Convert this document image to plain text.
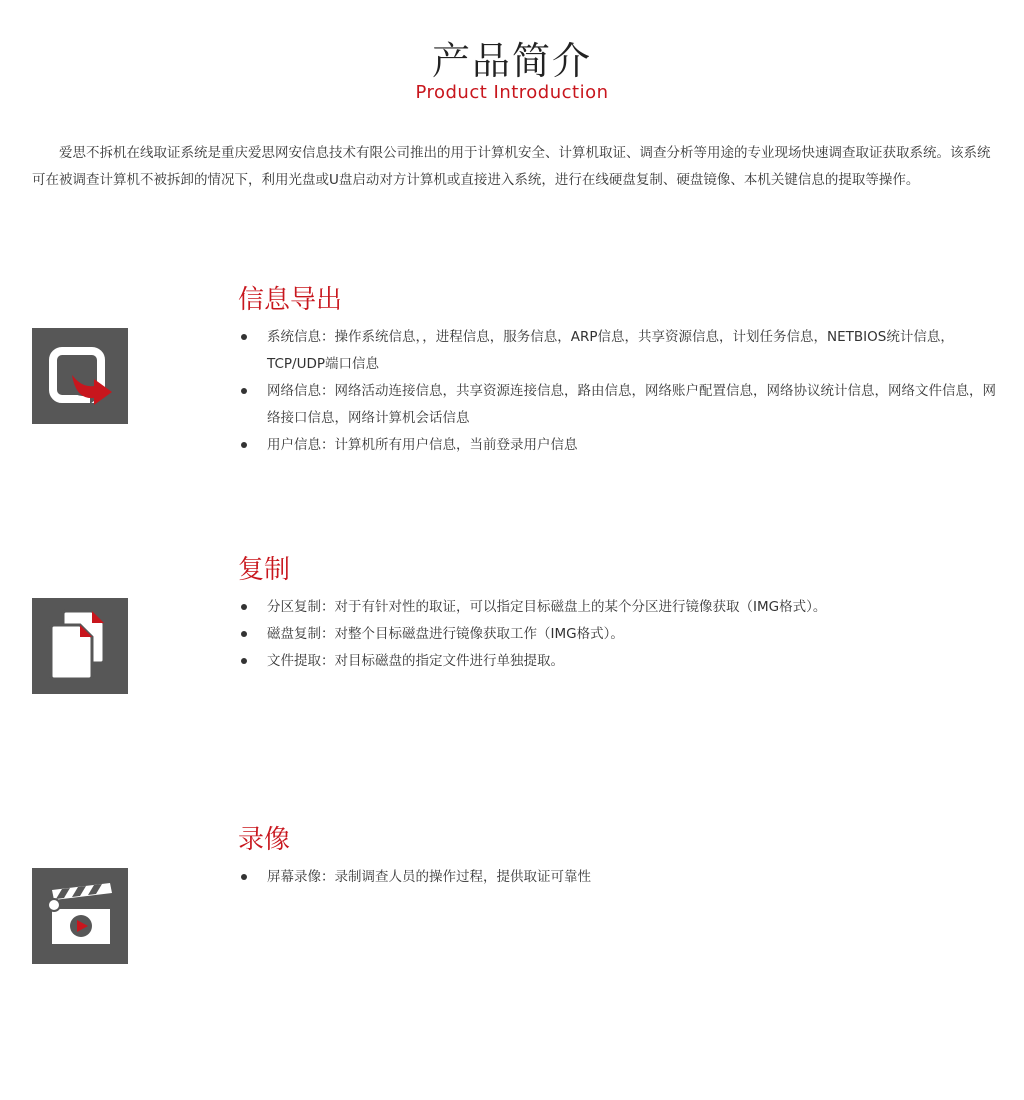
产品简介
Product Introduction

爱思不拆机在线取证系统是重庆爱思网安信息技术有限公司推出的用于计算机安全、计算机取证、调查分析等用途的专业现场快速调查取证获取系统。该系统可在被调查计算机不被拆卸的情况下，利用光盘或U盘启动对方计算机或直接进入系统，进行在线硬盘复制、硬盘镜像、本机关键信息的提取等操作。

信息导出
系统信息：操作系统信息，，进程信息，服务信息，ARP信息，共享资源信息，计划任务信息，NETBIOS统计信息，TCP/UDP端口信息
网络信息：网络活动连接信息，共享资源连接信息，路由信息，网络账户配置信息，网络协议统计信息，网络文件信息，网络接口信息，网络计算机会话信息
用户信息：计算机所有用户信息，当前登录用户信息
复制
分区复制：对于有针对性的取证，可以指定目标磁盘上的某个分区进行镜像获取（IMG格式）。
磁盘复制：对整个目标磁盘进行镜像获取工作（IMG格式）。
文件提取：对目标磁盘的指定文件进行单独提取。
录像
屏幕录像：录制调查人员的操作过程，提供取证可靠性
